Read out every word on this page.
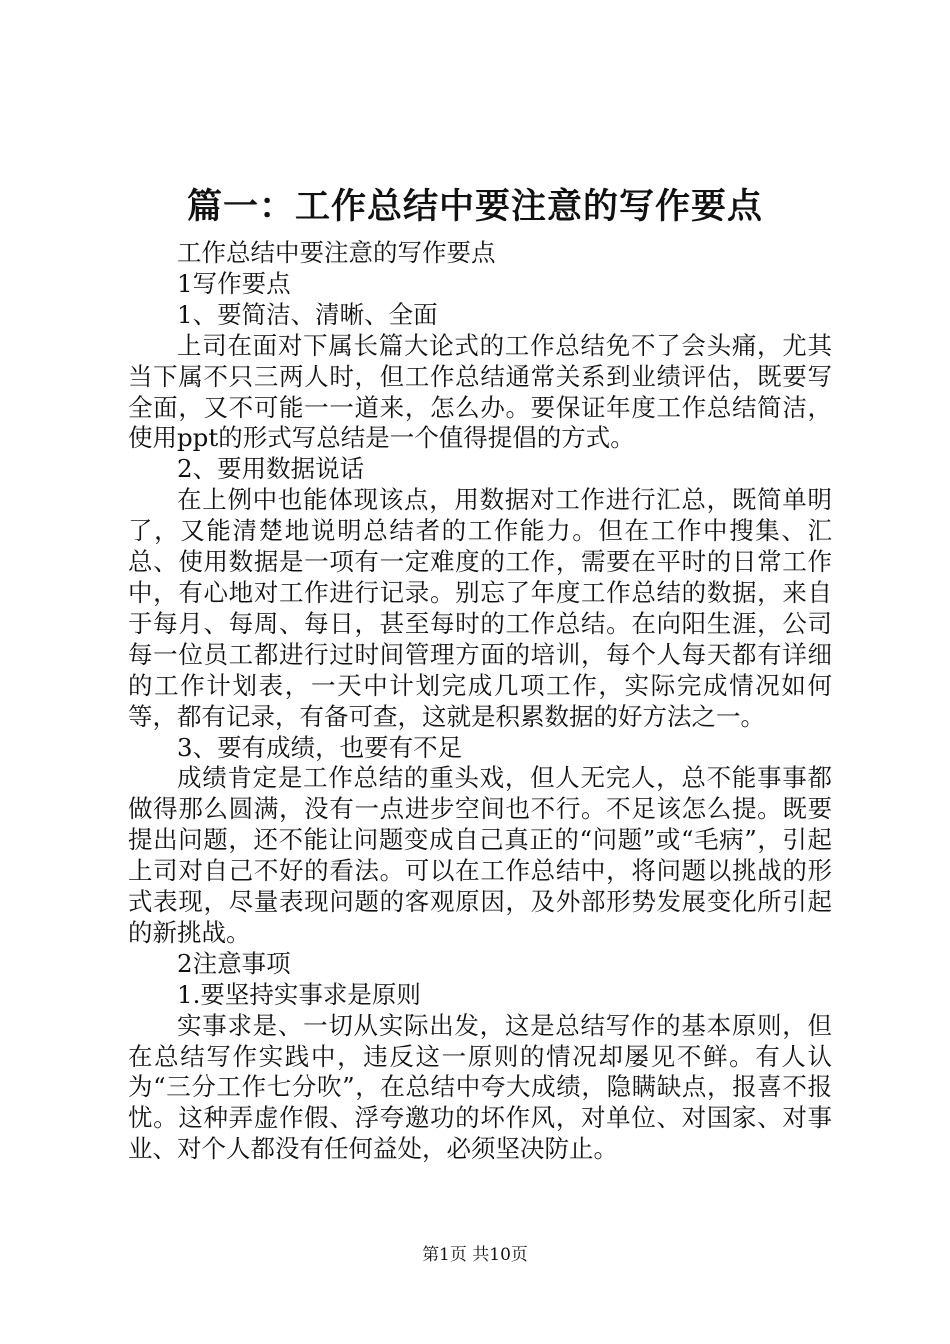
篇一：工作总结中要注意的写作要点

工作总结中要注意的写作要点

1写作要点

1、要简洁、清晰、全面

上司在面对下属长篇大论式的工作总结免不了会头痛，尤其当下属不只三两人时，但工作总结通常关系到业绩评估，既要写全面，又不可能一一道来，怎么办。要保证年度工作总结简洁，使用ppt的形式写总结是一个值得提倡的方式。

2、要用数据说话

在上例中也能体现该点，用数据对工作进行汇总，既简单明了，又能清楚地说明总结者的工作能力。但在工作中搜集、汇总、使用数据是一项有一定难度的工作，需要在平时的日常工作中，有心地对工作进行记录。别忘了年度工作总结的数据，来自于每月、每周、每日，甚至每时的工作总结。在向阳生涯，公司每一位员工都进行过时间管理方面的培训，每个人每天都有详细的工作计划表，一天中计划完成几项工作，实际完成情况如何等，都有记录，有备可查，这就是积累数据的好方法之一。

3、要有成绩，也要有不足

成绩肯定是工作总结的重头戏，但人无完人，总不能事事都做得那么圆满，没有一点进步空间也不行。不足该怎么提。既要提出问题，还不能让问题变成自己真正的“问题”或“毛病”，引起上司对自己不好的看法。可以在工作总结中，将问题以挑战的形式表现，尽量表现问题的客观原因，及外部形势发展变化所引起的新挑战。

2注意事项

1.要坚持实事求是原则

实事求是、一切从实际出发，这是总结写作的基本原则，但在总结写作实践中，违反这一原则的情况却屡见不鲜。有人认为“三分工作七分吹”，在总结中夸大成绩，隐瞒缺点，报喜不报忧。这种弄虚作假、浮夸邀功的坏作风，对单位、对国家、对事业、对个人都没有任何益处，必须坚决防止。

第1页 共10页
